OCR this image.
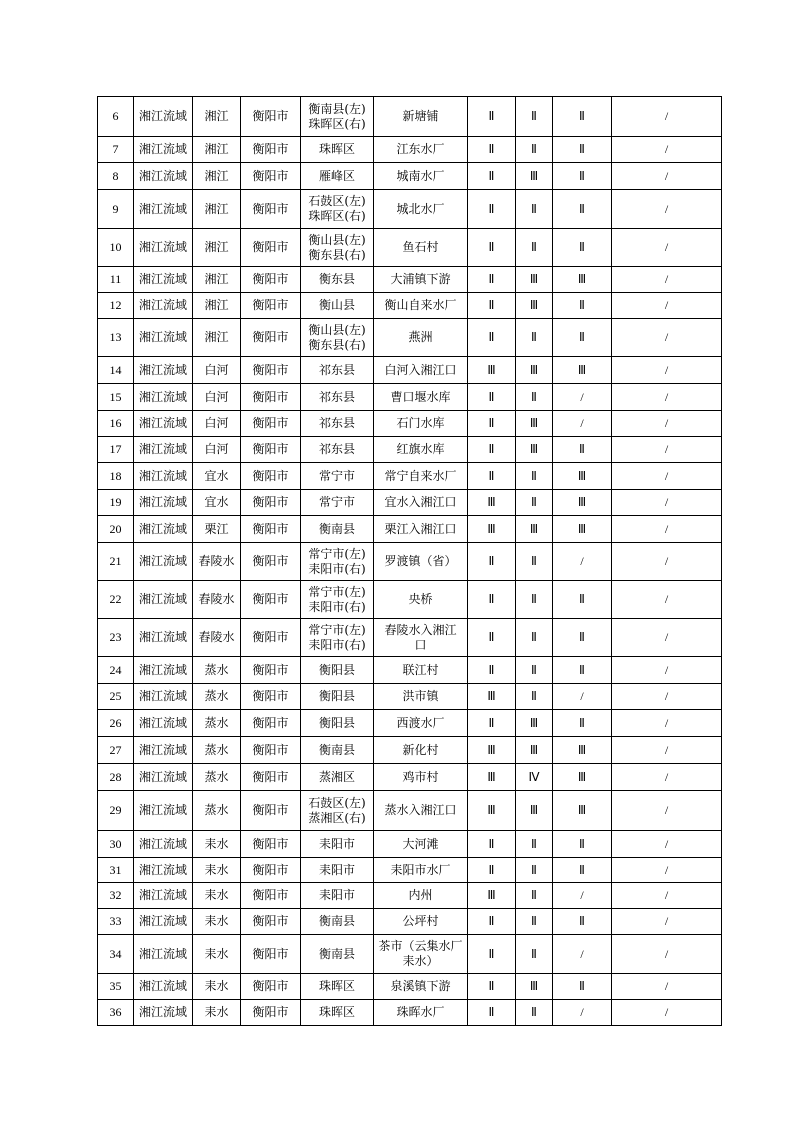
6	湘江流域	湘江	衡阳市	衡南县(左)
珠晖区(右)	新塘铺	Ⅱ	Ⅱ	Ⅱ	/
7	湘江流域	湘江	衡阳市	珠晖区	江东水厂	Ⅱ	Ⅱ	Ⅱ	/
8	湘江流域	湘江	衡阳市	雁峰区	城南水厂	Ⅱ	Ⅲ	Ⅱ	/
9	湘江流域	湘江	衡阳市	石鼓区(左)
珠晖区(右)	城北水厂	Ⅱ	Ⅱ	Ⅱ	/
10	湘江流域	湘江	衡阳市	衡山县(左)
衡东县(右)	鱼石村	Ⅱ	Ⅱ	Ⅱ	/
11	湘江流域	湘江	衡阳市	衡东县	大浦镇下游	Ⅱ	Ⅲ	Ⅲ	/
12	湘江流域	湘江	衡阳市	衡山县	衡山自来水厂	Ⅱ	Ⅲ	Ⅱ	/
13	湘江流域	湘江	衡阳市	衡山县(左)
衡东县(右)	燕洲	Ⅱ	Ⅱ	Ⅱ	/
14	湘江流域	白河	衡阳市	祁东县	白河入湘江口	Ⅲ	Ⅲ	Ⅲ	/
15	湘江流域	白河	衡阳市	祁东县	曹口堰水库	Ⅱ	Ⅱ	/	/
16	湘江流域	白河	衡阳市	祁东县	石门水库	Ⅱ	Ⅲ	/	/
17	湘江流域	白河	衡阳市	祁东县	红旗水库	Ⅱ	Ⅲ	Ⅱ	/
18	湘江流域	宜水	衡阳市	常宁市	常宁自来水厂	Ⅱ	Ⅱ	Ⅲ	/
19	湘江流域	宜水	衡阳市	常宁市	宜水入湘江口	Ⅲ	Ⅱ	Ⅲ	/
20	湘江流域	栗江	衡阳市	衡南县	栗江入湘江口	Ⅲ	Ⅲ	Ⅲ	/
21	湘江流域	舂陵水	衡阳市	常宁市(左)
耒阳市(右)	罗渡镇（省）	Ⅱ	Ⅱ	/	/
22	湘江流域	舂陵水	衡阳市	常宁市(左)
耒阳市(右)	央桥	Ⅱ	Ⅱ	Ⅱ	/
23	湘江流域	舂陵水	衡阳市	常宁市(左)
耒阳市(右)	舂陵水入湘江
口	Ⅱ	Ⅱ	Ⅱ	/
24	湘江流域	蒸水	衡阳市	衡阳县	联江村	Ⅱ	Ⅱ	Ⅱ	/
25	湘江流域	蒸水	衡阳市	衡阳县	洪市镇	Ⅲ	Ⅱ	/	/
26	湘江流域	蒸水	衡阳市	衡阳县	西渡水厂	Ⅱ	Ⅲ	Ⅱ	/
27	湘江流域	蒸水	衡阳市	衡南县	新化村	Ⅲ	Ⅲ	Ⅲ	/
28	湘江流域	蒸水	衡阳市	蒸湘区	鸡市村	Ⅲ	Ⅳ	Ⅲ	/
29	湘江流域	蒸水	衡阳市	石鼓区(左)
蒸湘区(右)	蒸水入湘江口	Ⅲ	Ⅲ	Ⅲ	/
30	湘江流域	耒水	衡阳市	耒阳市	大河滩	Ⅱ	Ⅱ	Ⅱ	/
31	湘江流域	耒水	衡阳市	耒阳市	耒阳市水厂	Ⅱ	Ⅱ	Ⅱ	/
32	湘江流域	耒水	衡阳市	耒阳市	内州	Ⅲ	Ⅱ	/	/
33	湘江流域	耒水	衡阳市	衡南县	公坪村	Ⅱ	Ⅱ	Ⅱ	/
34	湘江流域	耒水	衡阳市	衡南县	茶市（云集水厂
耒水）	Ⅱ	Ⅱ	/	/
35	湘江流域	耒水	衡阳市	珠晖区	泉溪镇下游	Ⅱ	Ⅲ	Ⅱ	/
36	湘江流域	耒水	衡阳市	珠晖区	珠晖水厂	Ⅱ	Ⅱ	/	/
